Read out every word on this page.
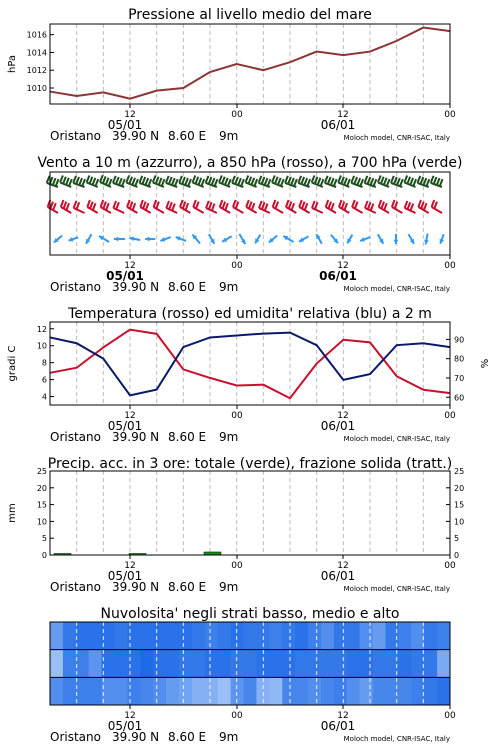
Pressione al livello medio del mare
1010
1012
1014
1016
hPa
12	00	12	00
05/01	06/01
Oristano 39.90 N 8.60 E 9m	Moloch model, CNR-ISAC, Italy
Vento a 10 m (azzurro), a 850 hPa (rosso), a 700 hPa (verde)
12	00	12	00
05/01	06/01
Oristano 39.90 N 8.60 E 9m	Moloch model, CNR-ISAC, Italy
Temperatura (rosso) ed umidita' relativa (blu) a 2 m
4
6
8
10
12
60
70
80
90
gradi C	%
12	00	12	00
05/01	06/01
Oristano 39.90 N 8.60 E 9m	Moloch model, CNR-ISAC, Italy
Precip. acc. in 3 ore: totale (verde), frazione solida (tratt.)
0	0
5	5
10	10
15	15
20	20
25	25
mm
12	00	12	00
05/01	06/01
Oristano 39.90 N 8.60 E 9m	Moloch model, CNR-ISAC, Italy
Nuvolosita' negli strati basso, medio e alto
12	00	12	00
05/01	06/01
Oristano 39.90 N 8.60 E 9m	Moloch model, CNR-ISAC, Italy
